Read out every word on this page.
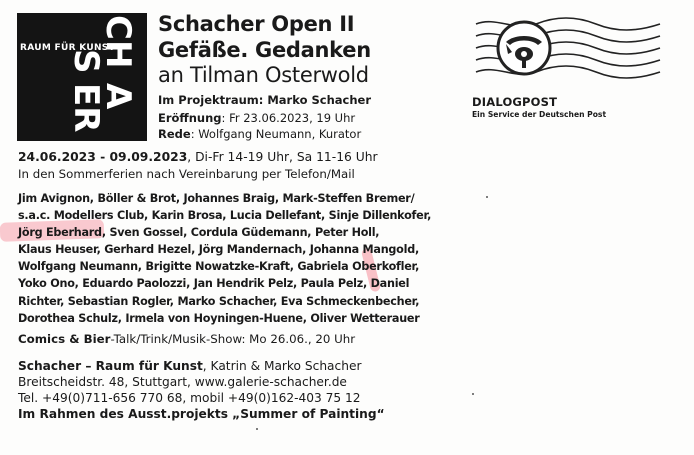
RAUM FÜR KUNST
S
CH
ER
A
Schacher Open II
Gefäße. Gedanken
an Tilman Osterwold
Im Projektraum: Marko Schacher
Eröffnung: Fr 23.06.2023, 19 Uhr
Rede: Wolfgang Neumann, Kurator
24.06.2023 - 09.09.2023, Di-Fr 14-19 Uhr, Sa 11-16 Uhr
In den Sommerferien nach Vereinbarung per Telefon/Mail
Jim Avignon, Böller & Brot, Johannes Braig, Mark-Steffen Bremer/
s.a.c. Modellers Club, Karin Brosa, Lucia Dellefant, Sinje Dillenkofer,
Jörg Eberhard, Sven Gossel, Cordula Güdemann, Peter Holl,
Klaus Heuser, Gerhard Hezel, Jörg Mandernach, Johanna Mangold,
Wolfgang Neumann, Brigitte Nowatzke-Kraft, Gabriela Oberkofler,
Yoko Ono, Eduardo Paolozzi, Jan Hendrik Pelz, Paula Pelz, Daniel
Richter, Sebastian Rogler, Marko Schacher, Eva Schmeckenbecher,
Dorothea Schulz, Irmela von Hoyningen-Huene, Oliver Wetterauer
Comics & Bier-Talk/Trink/Musik-Show: Mo 26.06., 20 Uhr
Schacher – Raum für Kunst, Katrin & Marko Schacher
Breitscheidstr. 48, Stuttgart, www.galerie-schacher.de
Tel. +49(0)711-656 770 68, mobil +49(0)162-403 75 12
Im Rahmen des Ausst.projekts „Summer of Painting“
DIALOGPOST
Ein Service der Deutschen Post
